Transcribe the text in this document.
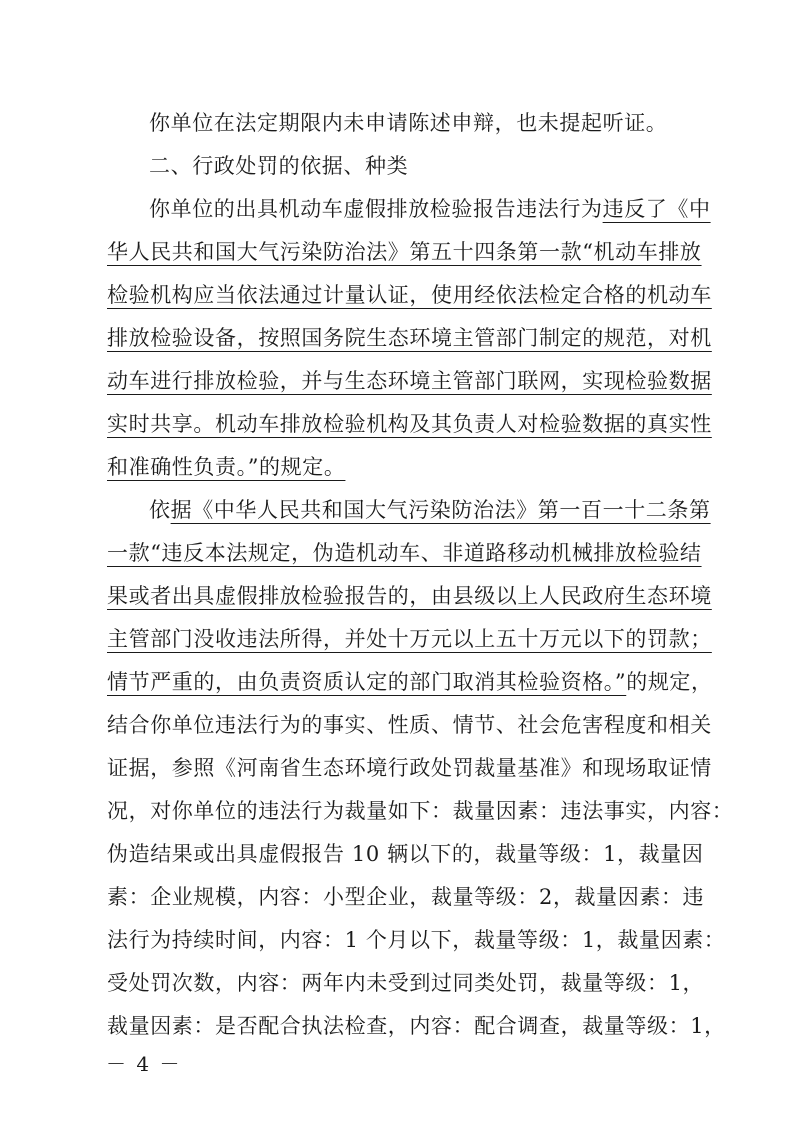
你单位在法定期限内未申请陈述申辩，也未提起听证。
二、行政处罚的依据、种类
你单位的出具机动车虚假排放检验报告违法行为违反了《中
华人民共和国大气污染防治法》第五十四条第一款“机动车排放
检验机构应当依法通过计量认证，使用经依法检定合格的机动车
排放检验设备，按照国务院生态环境主管部门制定的规范，对机
动车进行排放检验，并与生态环境主管部门联网，实现检验数据
实时共享。机动车排放检验机构及其负责人对检验数据的真实性
和准确性负责。”的规定。
依据《中华人民共和国大气污染防治法》第一百一十二条第
一款“违反本法规定，伪造机动车、非道路移动机械排放检验结
果或者出具虚假排放检验报告的，由县级以上人民政府生态环境
主管部门没收违法所得，并处十万元以上五十万元以下的罚款；
情节严重的，由负责资质认定的部门取消其检验资格。”的规定，
结合你单位违法行为的事实、性质、情节、社会危害程度和相关
证据，参照《河南省生态环境行政处罚裁量基准》和现场取证情
况，对你单位的违法行为裁量如下：裁量因素：违法事实，内容：
伪造结果或出具虚假报告 10 辆以下的，裁量等级：1，裁量因
素：企业规模，内容：小型企业，裁量等级：2，裁量因素：违
法行为持续时间，内容：1 个月以下，裁量等级：1，裁量因素：
受处罚次数，内容：两年内未受到过同类处罚，裁量等级：1，
裁量因素：是否配合执法检查，内容：配合调查，裁量等级：1，
－ 4 －
